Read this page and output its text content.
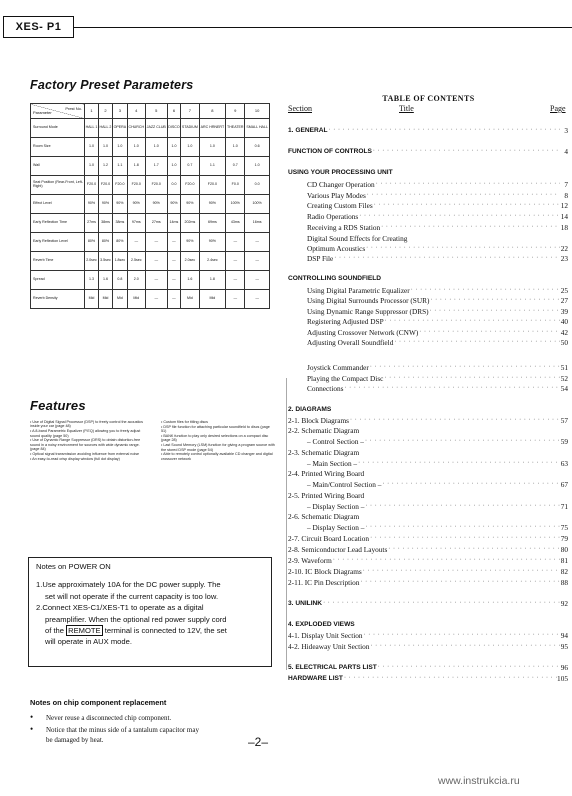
XES- P1
Factory Preset Parameters
Prest No.
Parameter	1	2	3	4	5	6	7	8	9	10
Surround Mode	HALL 1	HALL 2	OPERA	CHURCH	JAZZ CLUB	DISCO	STADIUM	ARC HRNERT	THEATER	SMALL HALL
Room Size	1.0	1.0	1.0	1.0	1.0	1.0	1.0	1.0	1.0	0.6
Wall	1.0	1.2	1.1	1.8	1.7	1.0	0.7	1.1	0.7	1.0
Seat Position (Rear-Front, Left-Right)	F20.0	F20.0	F20.0	F20.0	F20.0	0.0	F20.0	F20.0	F0.0	0.0
Effect Level	90%	90%	90%	90%	90%	90%	90%	90%	100%	100%
Early Reflection Time	27ms	38ms	38ms	97ms	27ms	14ms	202ms	69ms	43ms	16ms
Early Reflection Level	80%	80%	80%	—	—	—	90%	90%	—	—
Reverb Time	2.0sec	3.5sec	1.8sec	2.5sec	—	—	2.0sec	2.4sec	—	—
Spread	1.3	1.6	0.8	2.0	—	—	1.6	1.8	—	—
Reverb Density	Mid	Mid	Mid	Mid	—	—	Mid	Mid	—	—
Features
• Use of Digital Signal Processor (DSP) to freely control the acoustics inside your car (page 48)
• A 8-band Parametric Equalizer (P.EQ) allowing you to freely adjust sound quality (page 50)
• Use of Dynamic Range Suppressor (DRS) to obtain distortion-free sound in a noisy environment for sources with wide dynamic range. (page 84)
• Optical signal transmission avoiding influence from external noise
• An easy-to-read crisp display window (full dot display)
• Custom files for titling discs
• DSP file function for attaching particular soundfield to discs (page 51)
• BANK function to play only desired selections on a compact disc (page 28)
• Last Sound Memory (LSM) function for giving a program source with the stored DSP mode (page 54)
• Able to remotely control optionally available CD changer and digital crossover network
Notes on POWER ON
1.Use approximately 10A for the DC power supply. The
set will not operate if the current capacity is too low.
2.Connect XES-C1/XES-T1 to operate as a digital
preamplifier. When the optional red power supply cord
of the REMOTE terminal is connected to 12V, the set
will operate in AUX mode.
Notes on chip component replacement
• Never reuse a disconnected chip component.
• Notice that the minus side of a tantalum capacitor may
be damaged by heat.
TABLE OF CONTENTS
Section	Title	Page
1. GENERAL · · ·	3
FUNCTION OF CONTROLS · · ·	4
USING YOUR PROCESSING UNIT
CD Changer Operation · · ·	7
Various Play Modes · · ·	8
Creating Custom Files · · ·	12
Radio Operations · · ·	14
Receiving a RDS Station · · ·	18
Digital Sound Effects for Creating
Optimum Acoustics · · ·	22
DSP File · · ·	23
CONTROLLING SOUNDFIELD
Using Digital Parametric Equalizer · · ·	25
Using Digital Surrounds Processor (SUR) · · ·	27
Using Dynamic Range Suppressor (DRS) · · ·	39
Registering Adjusted DSP · · ·	40
Adjusting Crossover Network (CNW) · · ·	42
Adjusting Overall Soundfield · · ·	50
Joystick Commander · · ·	51
Playing the Compact Disc · · ·	52
Connections · · ·	54
2. DIAGRAMS
2-1. Block Diagrams · · ·	57
2-2. Schematic Diagram
– Control Section – · · ·	59
2-3. Schematic Diagram
– Main Section – · · ·	63
2-4. Printed Wiring Board
– Main/Control Section – · · ·	67
2-5. Printed Wiring Board
– Display Section – · · ·	71
2-6. Schematic Diagram
– Display Section – · · ·	75
2-7. Circuit Board Location · · ·	79
2-8. Semiconductor Lead Layouts · · ·	80
2-9. Waveform · · ·	81
2-10. IC Block Diagrams · · ·	82
2-11. IC Pin Description · · ·	88
3. UNILINK · · ·	92
4. EXPLODED VIEWS
4-1. Display Unit Section · · ·	94
4-2. Hideaway Unit Section · · ·	95
5. ELECTRICAL PARTS LIST · · ·	96
HARDWARE LIST · · ·	105
–2–
www.instrukcia.ru
